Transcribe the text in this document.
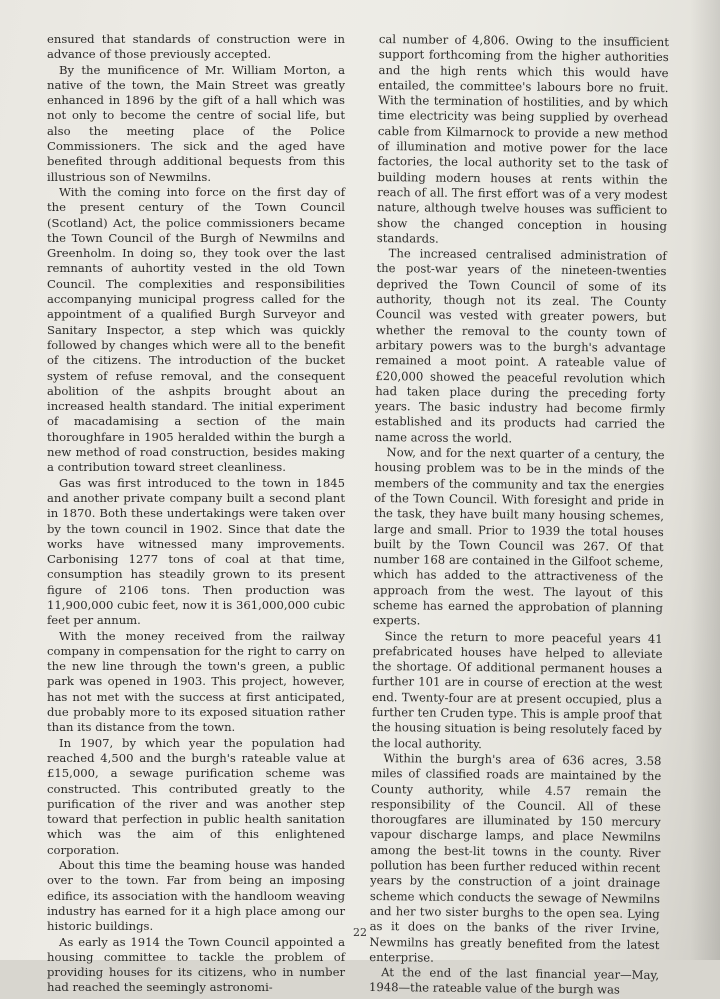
ensured that standards of construction were in advance of those previously accepted.

By the munificence of Mr. William Morton, a native of the town, the Main Street was greatly enhanced in 1896 by the gift of a hall which was not only to become the centre of social life, but also the meeting place of the Police Commissioners. The sick and the aged have benefited through additional bequests from this illustrious son of Newmilns.

With the coming into force on the first day of the present century of the Town Council (Scotland) Act, the police commissioners became the Town Council of the Burgh of Newmilns and Greenholm. In doing so, they took over the last remnants of auhortity vested in the old Town Council. The complexities and responsibilities accompanying municipal progress called for the appointment of a qualified Burgh Surveyor and Sanitary Inspector, a step which was quickly followed by changes which were all to the benefit of the citizens. The introduction of the bucket system of refuse removal, and the consequent abolition of the ashpits brought about an increased health standard. The initial experiment of macadamising a section of the main thoroughfare in 1905 heralded within the burgh a new method of road construction, besides making a contribution toward street cleanliness.

Gas was first introduced to the town in 1845 and another private company built a second plant in 1870. Both these undertakings were taken over by the town council in 1902. Since that date the works have witnessed many improvements. Carbonising 1277 tons of coal at that time, consumption has steadily grown to its present figure of 2106 tons. Then production was 11,900,000 cubic feet, now it is 361,000,000 cubic feet per annum.

With the money received from the railway company in compensation for the right to carry on the new line through the town's green, a public park was opened in 1903. This project, however, has not met with the success at first anticipated, due probably more to its exposed situation rather than its distance from the town.

In 1907, by which year the population had reached 4,500 and the burgh's rateable value at £15,000, a sewage purification scheme was constructed. This contributed greatly to the purification of the river and was another step toward that perfection in public health sanitation which was the aim of this enlightened corporation.

About this time the beaming house was handed over to the town. Far from being an imposing edifice, its association with the handloom weaving industry has earned for it a high place among our historic buildings.

As early as 1914 the Town Council appointed a housing committee to tackle the problem of providing houses for its citizens, who in number had reached the seemingly astronomi-

cal number of 4,806. Owing to the insufficient support forthcoming from the higher authorities and the high rents which this would have entailed, the committee's labours bore no fruit. With the termination of hostilities, and by which time electricity was being supplied by overhead cable from Kilmarnock to provide a new method of illumination and motive power for the lace factories, the local authority set to the task of building modern houses at rents within the reach of all. The first effort was of a very modest nature, although twelve houses was sufficient to show the changed conception in housing standards.

The increased centralised administration of the post-war years of the nineteen-twenties deprived the Town Council of some of its authority, though not its zeal. The County Council was vested with greater powers, but whether the removal to the county town of arbitary powers was to the burgh's advantage remained a moot point. A rateable value of £20,000 showed the peaceful revolution which had taken place during the preceding forty years. The basic industry had become firmly established and its products had carried the name across the world.

Now, and for the next quarter of a century, the housing problem was to be in the minds of the members of the community and tax the energies of the Town Council. With foresight and pride in the task, they have built many housing schemes, large and small. Prior to 1939 the total houses built by the Town Council was 267. Of that number 168 are contained in the Gilfoot scheme, which has added to the attractiveness of the approach from the west. The layout of this scheme has earned the approbation of planning experts.

Since the return to more peaceful years 41 prefabricated houses have helped to alleviate the shortage. Of additional permanent houses a further 101 are in course of erection at the west end. Twenty-four are at present occupied, plus a further ten Cruden type. This is ample proof that the housing situation is being resolutely faced by the local authority.

Within the burgh's area of 636 acres, 3.58 miles of classified roads are maintained by the County authority, while 4.57 remain the responsibility of the Council. All of these thorougfares are illuminated by 150 mercury vapour discharge lamps, and place Newmilns among the best-lit towns in the county. River pollution has been further reduced within recent years by the construction of a joint drainage scheme which conducts the sewage of Newmilns and her two sister burghs to the open sea. Lying as it does on the banks of the river Irvine, Newmilns has greatly benefited from the latest enterprise.

At the end of the last financial year—May, 1948—the rateable value of the burgh was

22
